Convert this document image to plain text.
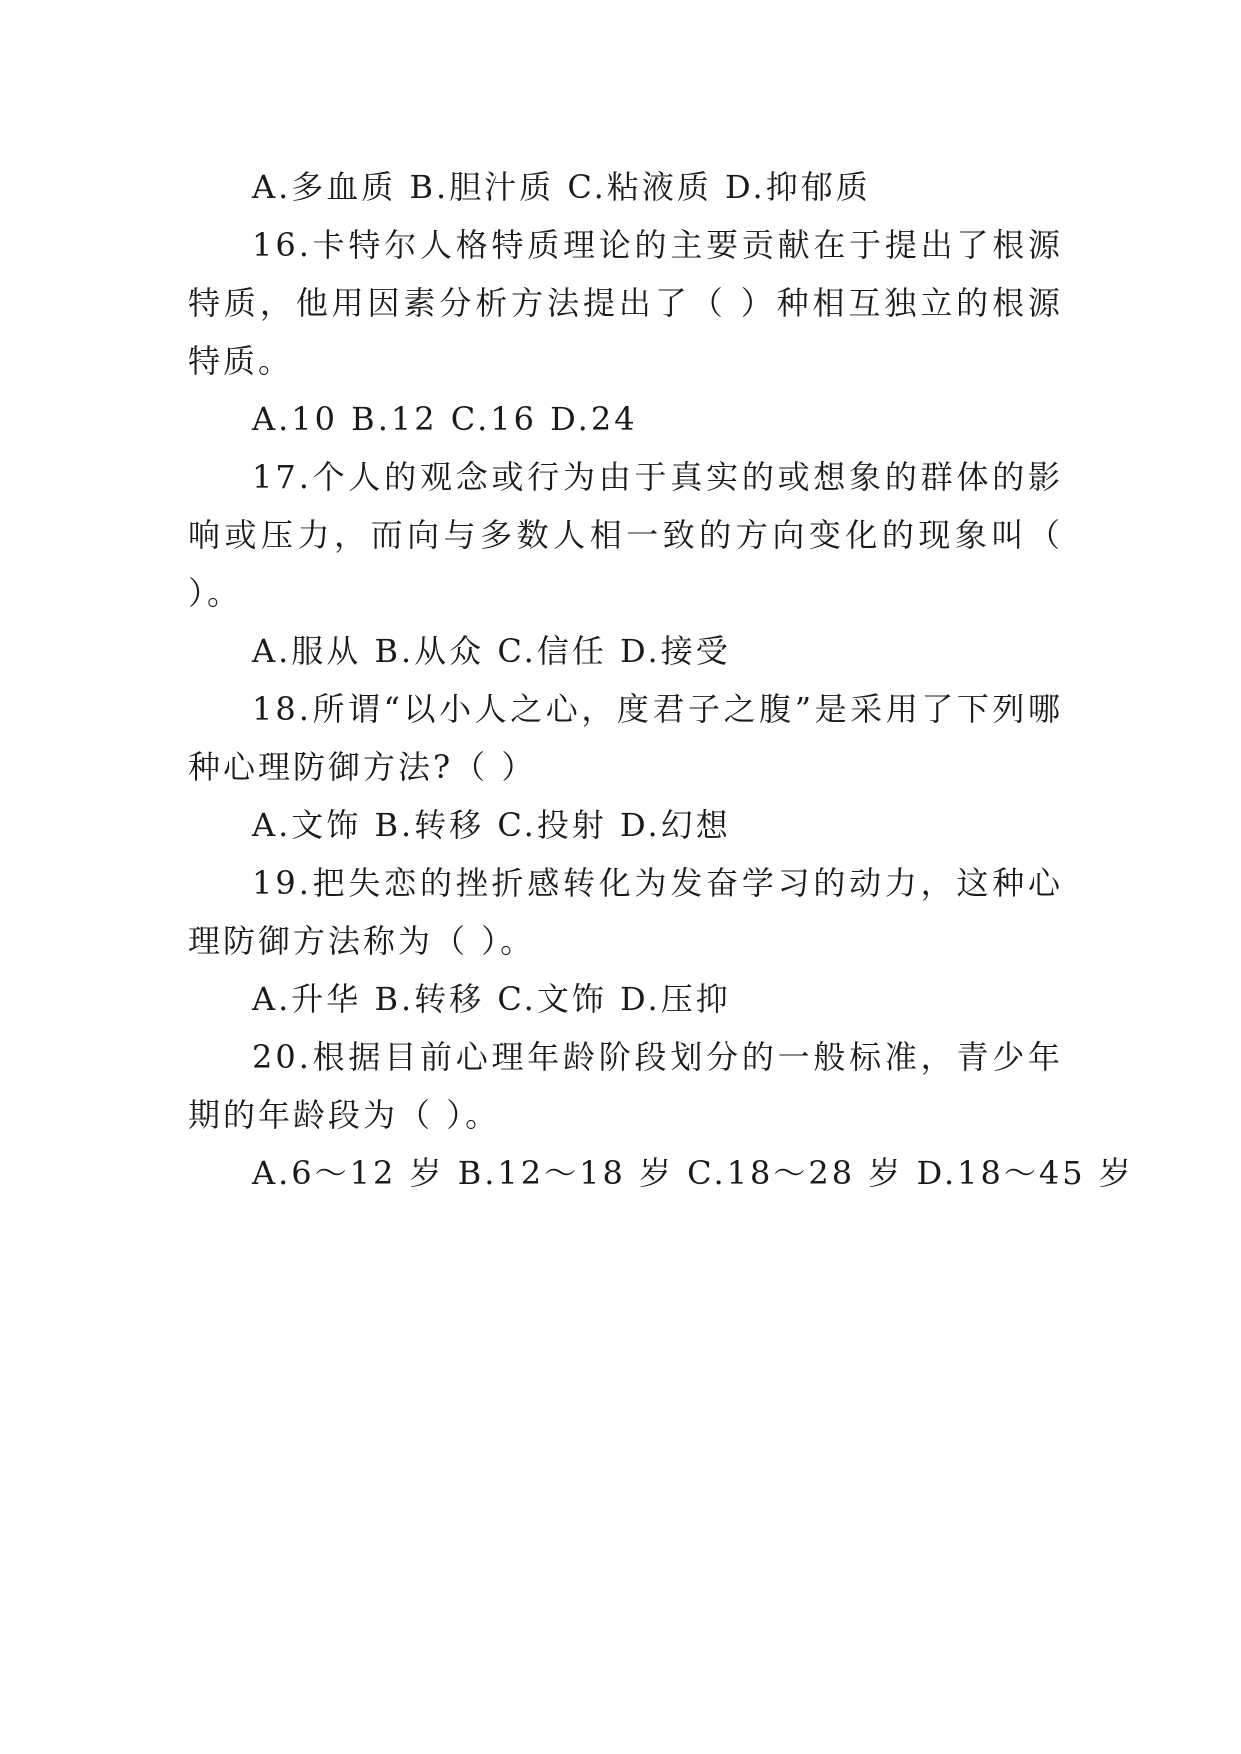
A.多血质 B.胆汁质 C.粘液质 D.抑郁质

16.卡特尔人格特质理论的主要贡献在于提出了根源特质，他用因素分析方法提出了（ ）种相互独立的根源特质。

A.10 B.12 C.16 D.24

17.个人的观念或行为由于真实的或想象的群体的影响或压力，而向与多数人相一致的方向变化的现象叫（ ）。

A.服从 B.从众 C.信任 D.接受

18.所谓“以小人之心，度君子之腹”是采用了下列哪种心理防御方法?（ ）

A.文饰 B.转移 C.投射 D.幻想

19.把失恋的挫折感转化为发奋学习的动力，这种心理防御方法称为（ ）。

A.升华 B.转移 C.文饰 D.压抑

20.根据目前心理年龄阶段划分的一般标准，青少年期的年龄段为（ ）。

A.6～12 岁 B.12～18 岁 C.18～28 岁 D.18～45 岁
